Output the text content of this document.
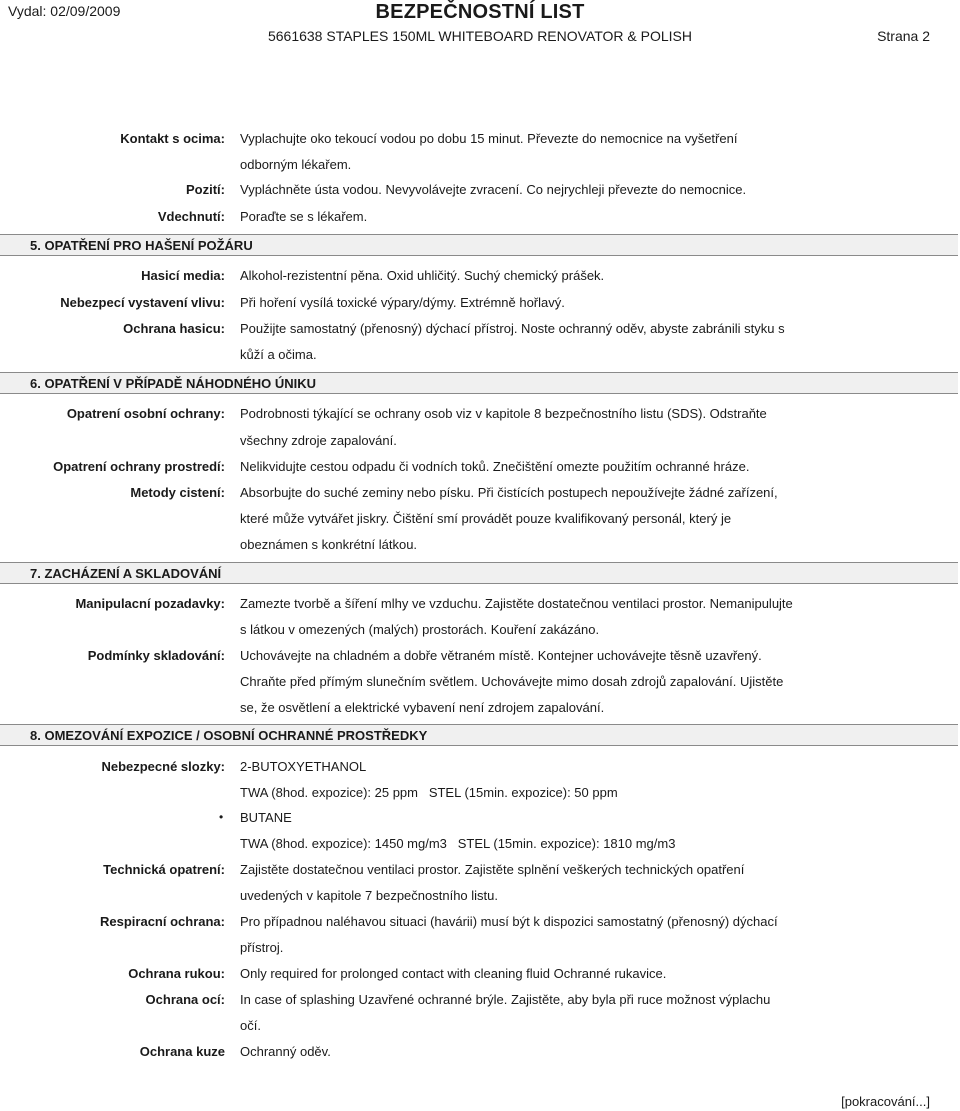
Vydal: 02/09/2009	BEZPEČNOSTNÍ LIST
5661638 STAPLES 150ML WHITEBOARD RENOVATOR & POLISH	Strana 2
Kontakt s ocima: Vyplachujte oko tekoucí vodou po dobu 15 minut. Převezte do nemocnice na vyšetření
odborným lékařem.
Pozití: Vypláchněte ústa vodou. Nevyvolávejte zvracení. Co nejrychleji převezte do nemocnice.
Vdechnutí: Poraďte se s lékařem.
5. OPATŘENÍ PRO HAŠENÍ POŽÁRU
Hasicí media: Alkohol-rezistentní pěna. Oxid uhličitý. Suchý chemický prášek.
Nebezpecí vystavení vlivu: Při hoření vysílá toxické výpary/dýmy. Extrémně hořlavý.
Ochrana hasicu: Použijte samostatný (přenosný) dýchací přístroj. Noste ochranný oděv, abyste zabránili styku s
kůží a očima.
6. OPATŘENÍ V PŘÍPADĚ NÁHODNÉHO ÚNIKU
Opatrení osobní ochrany: Podrobnosti týkající se ochrany osob viz v kapitole 8 bezpečnostního listu (SDS). Odstraňte
všechny zdroje zapalování.
Opatrení ochrany prostredí: Nelikvidujte cestou odpadu či vodních toků. Znečištění omezte použitím ochranné hráze.
Metody cistení: Absorbujte do suché zeminy nebo písku. Při čistících postupech nepoužívejte žádné zařízení,
které může vytvářet jiskry. Čištění smí provádět pouze kvalifikovaný personál, který je
obeznámen s konkrétní látkou.
7. ZACHÁZENÍ A SKLADOVÁNÍ
Manipulacní pozadavky: Zamezte tvorbě a šíření mlhy ve vzduchu. Zajistěte dostatečnou ventilaci prostor. Nemanipulujte
s látkou v omezených (malých) prostorách. Kouření zakázáno.
Podmínky skladování: Uchovávejte na chladném a dobře větraném místě. Kontejner uchovávejte těsně uzavřený.
Chraňte před přímým slunečním světlem. Uchovávejte mimo dosah zdrojů zapalování. Ujistěte
se, že osvětlení a elektrické vybavení není zdrojem zapalování.
8. OMEZOVÁNÍ EXPOZICE / OSOBNÍ OCHRANNÉ PROSTŘEDKY
Nebezpecné slozky: 2-BUTOXYETHANOL
TWA (8hod. expozice): 25 ppm   STEL (15min. expozice): 50 ppm
• BUTANE
TWA (8hod. expozice): 1450 mg/m3   STEL (15min. expozice): 1810 mg/m3
Technická opatrení: Zajistěte dostatečnou ventilaci prostor. Zajistěte splnění veškerých technických opatření
uvedených v kapitole 7 bezpečnostního listu.
Respiracní ochrana: Pro případnou naléhavou situaci (havárii) musí být k dispozici samostatný (přenosný) dýchací
přístroj.
Ochrana rukou: Only required for prolonged contact with cleaning fluid Ochranné rukavice.
Ochrana ocí: In case of splashing Uzavřené ochranné brýle. Zajistěte, aby byla při ruce možnost výplachu
očí.
Ochrana kuze Ochranný oděv.
[pokracování...]
